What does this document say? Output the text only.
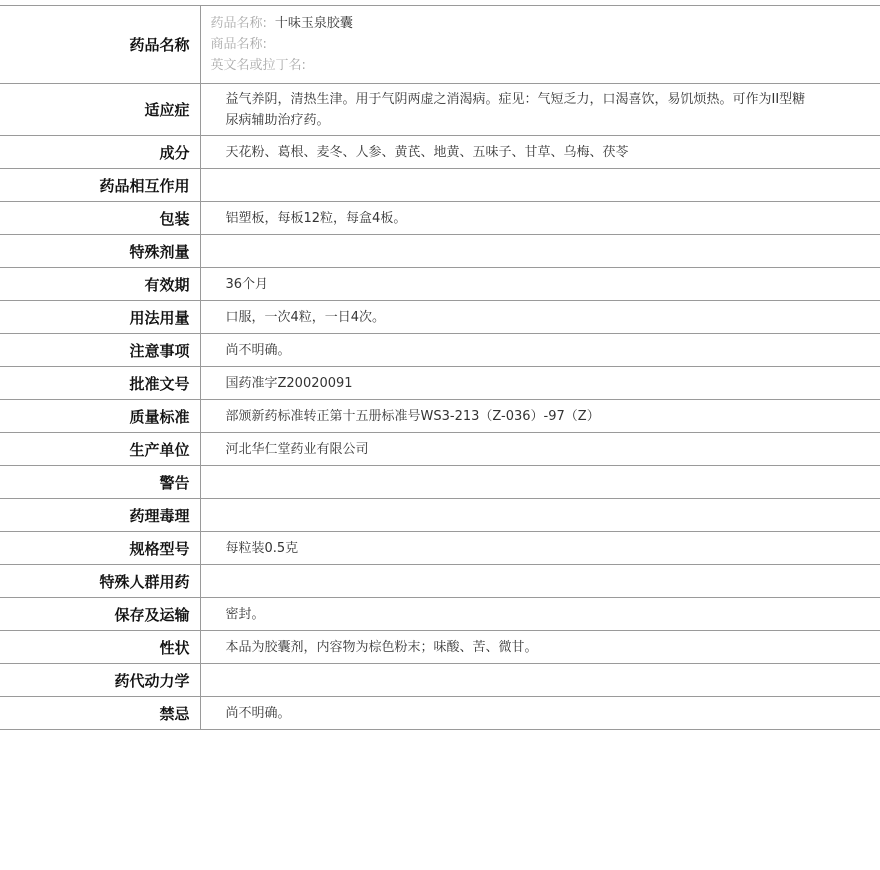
药品名称	药品名称: 十味玉泉胶囊
商品名称:
英文名或拉丁名:

适应症	益气养阴，清热生津。用于气阴两虚之消渴病。症见：气短乏力，口渴喜饮，易饥烦热。可作为II型糖尿病辅助治疗药。

成分	天花粉、葛根、麦冬、人参、黄芪、地黄、五味子、甘草、乌梅、茯苓
药品相互作用	
包装	铝塑板，每板12粒，每盒4板。
特殊剂量	
有效期	36个月
用法用量	口服，一次4粒，一日4次。
注意事项	尚不明确。
批准文号	国药准字Z20020091
质量标准	部颁新药标准转正第十五册标准号WS3-213（Z-036）-97（Z）
生产单位	河北华仁堂药业有限公司
警告	
药理毒理	
规格型号	每粒装0.5克
特殊人群用药	
保存及运输	密封。
性状	本品为胶囊剂，内容物为棕色粉末；味酸、苦、微甘。
药代动力学	
禁忌	尚不明确。
